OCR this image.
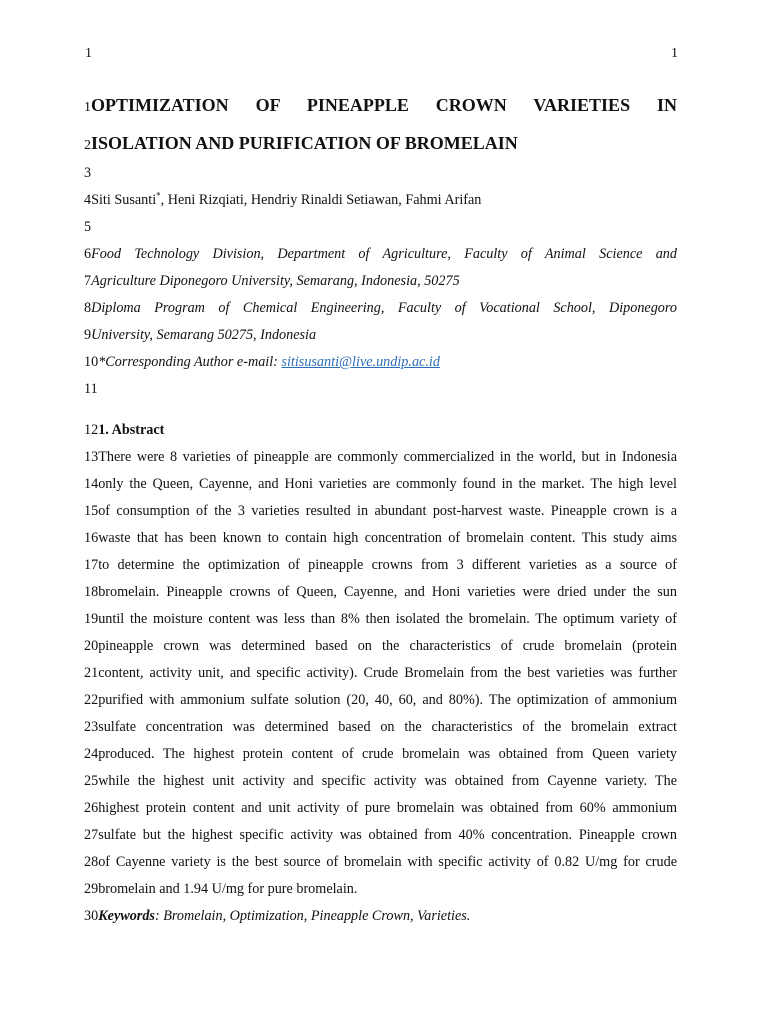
1	1
1OPTIMIZATION OF PINEAPPLE CROWN VARIETIES IN
2ISOLATION AND PURIFICATION OF BROMELAIN
3
4Siti Susanti*, Heni Rizqiati, Hendriy Rinaldi Setiawan, Fahmi Arifan
5
6Food Technology Division, Department of Agriculture, Faculty of Animal Science and
7Agriculture Diponegoro University, Semarang, Indonesia, 50275
8Diploma Program of Chemical Engineering, Faculty of Vocational School, Diponegoro
9University, Semarang 50275, Indonesia
10*Corresponding Author e-mail: sitisusanti@live.undip.ac.id
11
121. Abstract
13There were 8 varieties of pineapple are commonly commercialized in the world, but in Indonesia
14only the Queen, Cayenne, and Honi varieties are commonly found in the market. The high level
15of consumption of the 3 varieties resulted in abundant post-harvest waste. Pineapple crown is a
16waste that has been known to contain high concentration of bromelain content. This study aims
17to determine the optimization of pineapple crowns from 3 different varieties as a source of
18bromelain. Pineapple crowns of Queen, Cayenne, and Honi varieties were dried under the sun
19until the moisture content was less than 8% then isolated the bromelain. The optimum variety of
20pineapple crown was determined based on the characteristics of crude bromelain (protein
21content, activity unit, and specific activity). Crude Bromelain from the best varieties was further
22purified with ammonium sulfate solution (20, 40, 60, and 80%). The optimization of ammonium
23sulfate concentration was determined based on the characteristics of the bromelain extract
24produced. The highest protein content of crude bromelain was obtained from Queen variety
25while the highest unit activity and specific activity was obtained from Cayenne variety. The
26highest protein content and unit activity of pure bromelain was obtained from 60% ammonium
27sulfate but the highest specific activity was obtained from 40% concentration. Pineapple crown
28of Cayenne variety is the best source of bromelain with specific activity of 0.82 U/mg for crude
29bromelain and 1.94 U/mg for pure bromelain.
30Keywords: Bromelain, Optimization, Pineapple Crown, Varieties.
